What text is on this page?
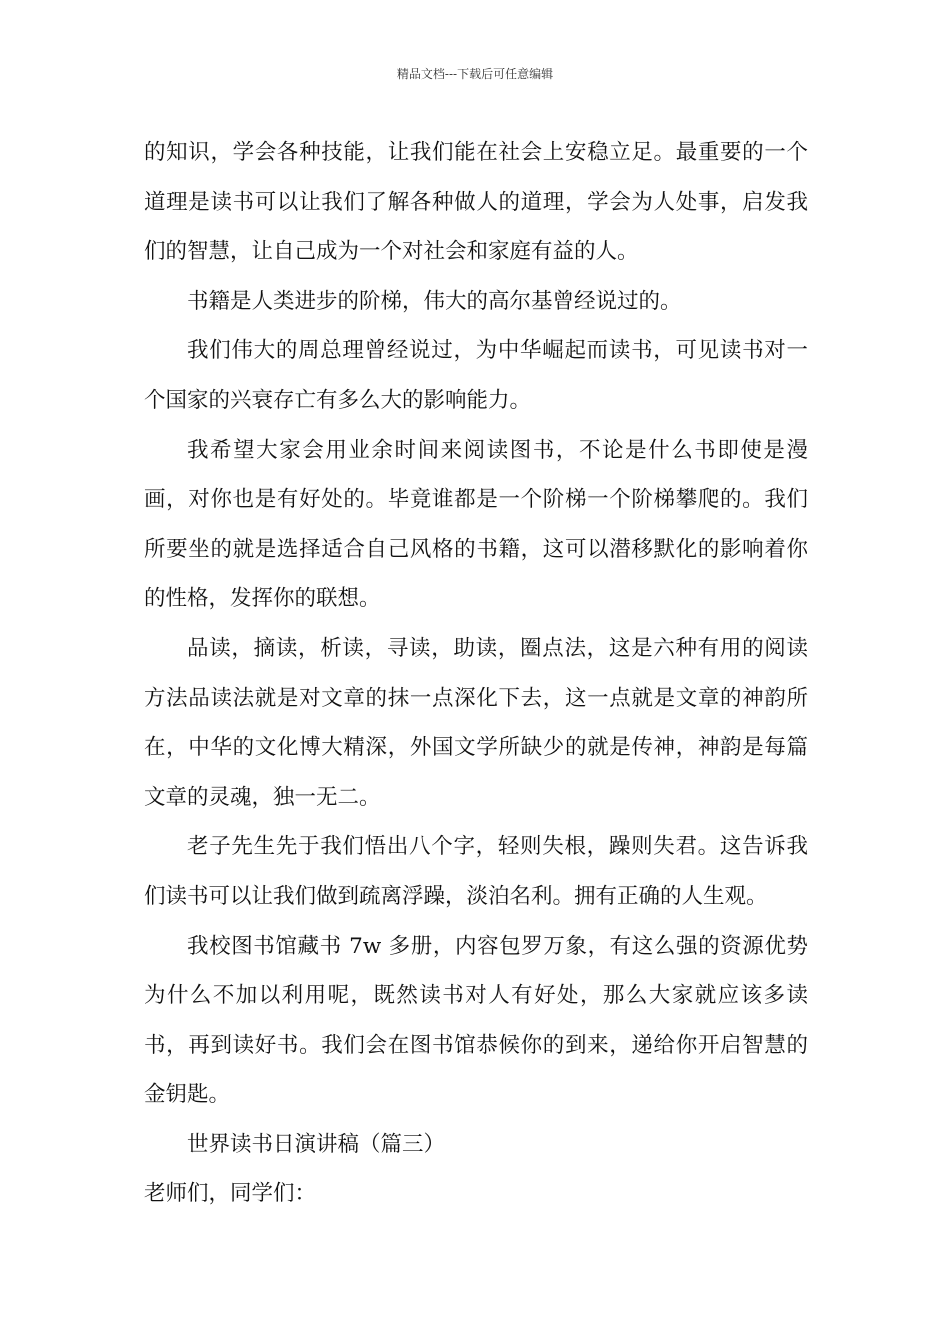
精品文档---下载后可任意编辑

的知识，学会各种技能，让我们能在社会上安稳立足。最重要的一个道理是读书可以让我们了解各种做人的道理，学会为人处事，启发我们的智慧，让自己成为一个对社会和家庭有益的人。

书籍是人类进步的阶梯，伟大的高尔基曾经说过的。

我们伟大的周总理曾经说过，为中华崛起而读书，可见读书对一个国家的兴衰存亡有多么大的影响能力。

我希望大家会用业余时间来阅读图书，不论是什么书即使是漫画，对你也是有好处的。毕竟谁都是一个阶梯一个阶梯攀爬的。我们所要坐的就是选择适合自己风格的书籍，这可以潜移默化的影响着你的性格，发挥你的联想。

品读，摘读，析读，寻读，助读，圈点法，这是六种有用的阅读方法品读法就是对文章的抹一点深化下去，这一点就是文章的神韵所在，中华的文化博大精深，外国文学所缺少的就是传神，神韵是每篇文章的灵魂，独一无二。

老子先生先于我们悟出八个字，轻则失根，躁则失君。这告诉我们读书可以让我们做到疏离浮躁，淡泊名利。拥有正确的人生观。

我校图书馆藏书 7w 多册，内容包罗万象，有这么强的资源优势为什么不加以利用呢，既然读书对人有好处，那么大家就应该多读书，再到读好书。我们会在图书馆恭候你的到来，递给你开启智慧的金钥匙。

世界读书日演讲稿（篇三）

老师们，同学们：
